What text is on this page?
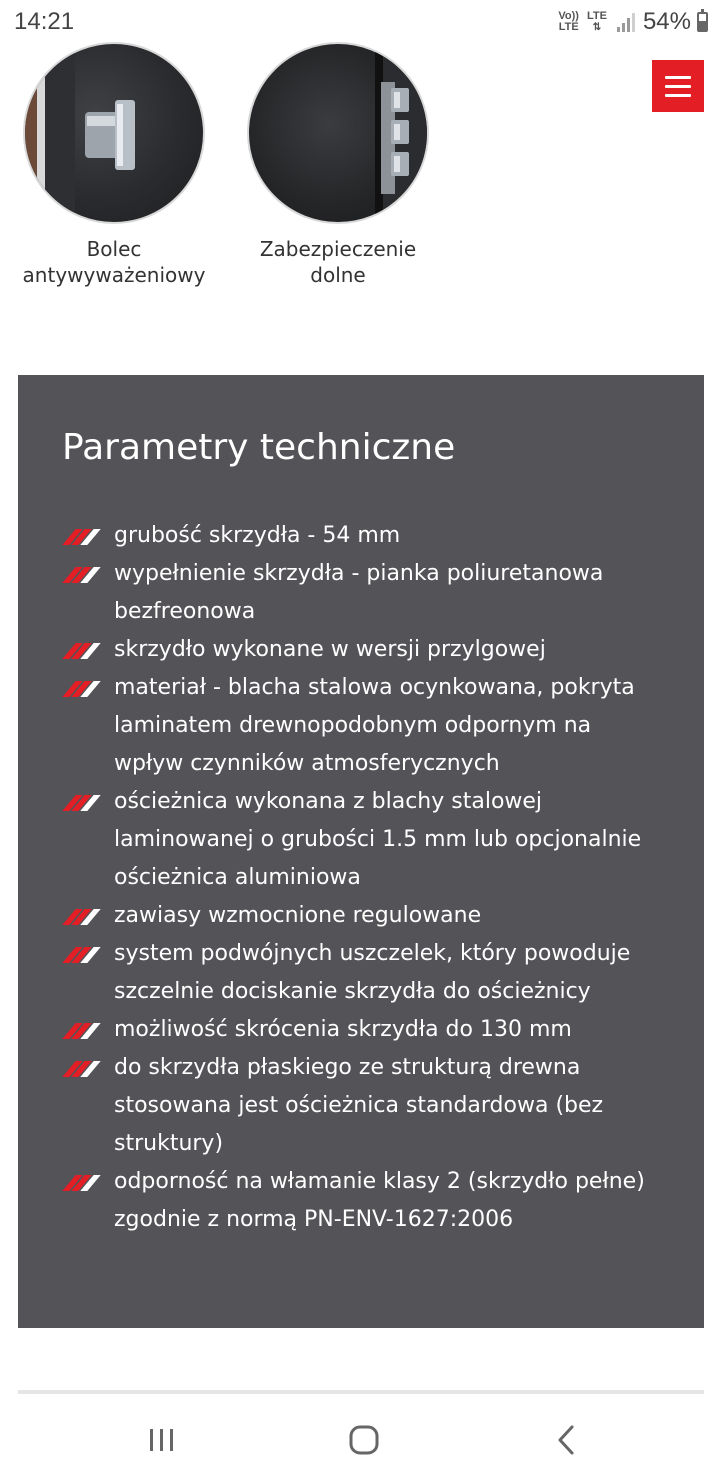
14:21	Vo))
LTE
LTE
⇅ 54%
Bolec
antywyważeniowy
Zabezpieczenie
dolne
Parametry techniczne
grubość skrzydła - 54 mm
wypełnienie skrzydła - pianka poliuretanowa bezfreonowa
skrzydło wykonane w wersji przylgowej
materiał - blacha stalowa ocynkowana, pokryta laminatem drewnopodobnym odpornym na wpływ czynników atmosferycznych
ościeżnica wykonana z blachy stalowej laminowanej o grubości 1.5 mm lub opcjonalnie ościeżnica aluminiowa
zawiasy wzmocnione regulowane
system podwójnych uszczelek, który powoduje szczelnie dociskanie skrzydła do ościeżnicy
możliwość skrócenia skrzydła do 130 mm
do skrzydła płaskiego ze strukturą drewna stosowana jest ościeżnica standardowa (bez struktury)
odporność na włamanie klasy 2 (skrzydło pełne) zgodnie z normą PN-ENV-1627:2006
